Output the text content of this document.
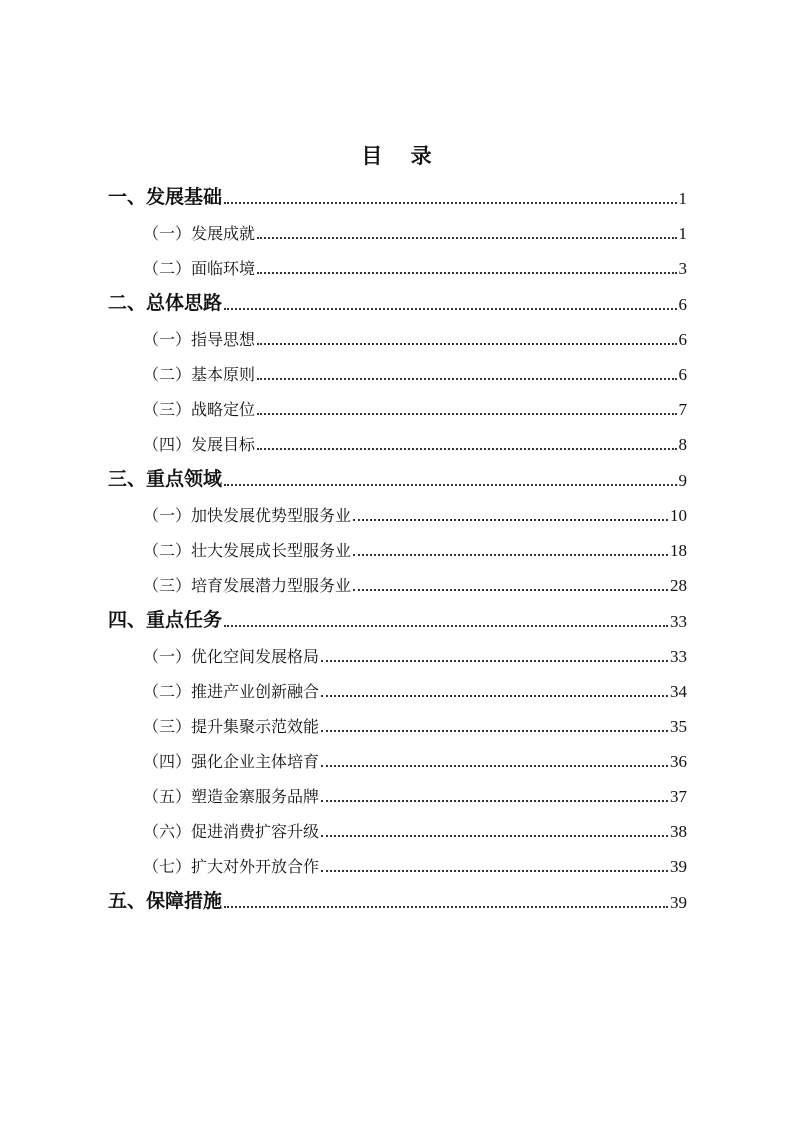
目 录
一、发展基础	1
（一）发展成就	1
（二）面临环境	3
二、总体思路	6
（一）指导思想	6
（二）基本原则	6
（三）战略定位	7
（四）发展目标	8
三、重点领域	9
（一）加快发展优势型服务业	10
（二）壮大发展成长型服务业	18
（三）培育发展潜力型服务业	28
四、重点任务	33
（一）优化空间发展格局	33
（二）推进产业创新融合	34
（三）提升集聚示范效能	35
（四）强化企业主体培育	36
（五）塑造金寨服务品牌	37
（六）促进消费扩容升级	38
（七）扩大对外开放合作	39
五、保障措施	39
